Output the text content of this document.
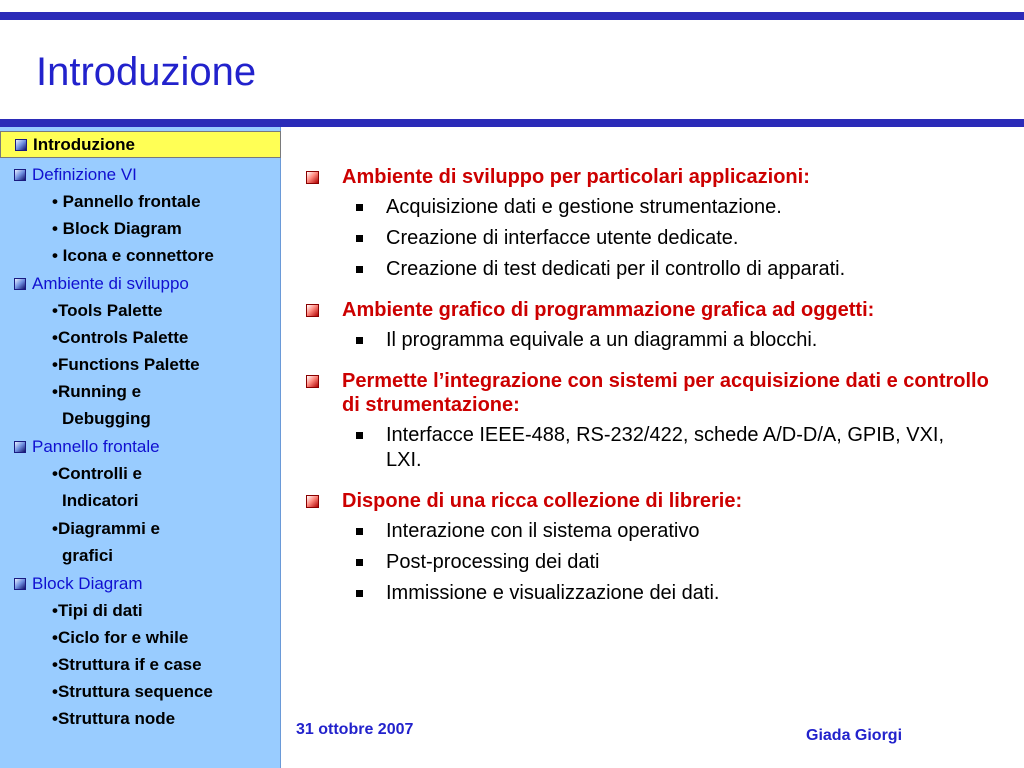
Introduzione
Introduzione
Definizione VI
• Pannello frontale
• Block Diagram
• Icona e connettore
Ambiente di sviluppo
•Tools Palette
•Controls Palette
•Functions Palette
•Running e
Debugging
Pannello frontale
•Controlli e
Indicatori
•Diagrammi e
grafici
Block Diagram
•Tipi di dati
•Ciclo for e while
•Struttura if e case
•Struttura sequence
•Struttura node
Ambiente di sviluppo per particolari applicazioni:
Acquisizione dati e gestione strumentazione.
Creazione di interfacce utente dedicate.
Creazione di test dedicati per il controllo di apparati.
Ambiente grafico di programmazione grafica ad oggetti:
Il programma equivale a un diagrammi a blocchi.
Permette l’integrazione con sistemi per acquisizione dati e controllo di strumentazione:
Interfacce IEEE-488, RS-232/422, schede A/D-D/A, GPIB, VXI, LXI.
Dispone di una ricca collezione di librerie:
Interazione con il sistema operativo
Post-processing dei dati
Immissione e visualizzazione dei dati.
31 ottobre 2007	Giada Giorgi
